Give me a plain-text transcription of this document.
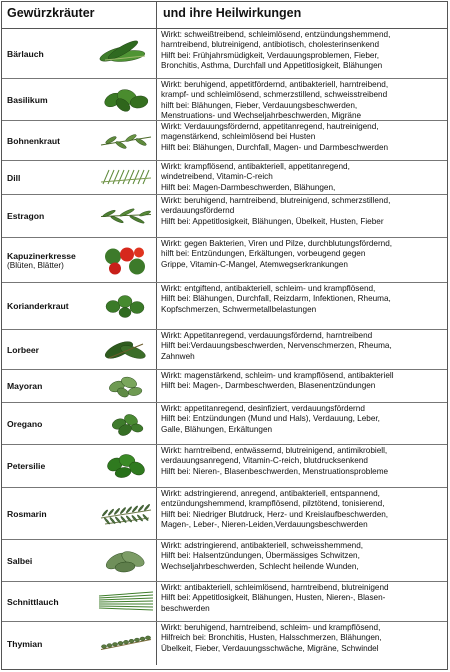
Gewürzkräuter	und ihre Heilwirkungen
Bärlauch
Wirkt: schweißtreibend, schleimlösend, entzündungshemmend,
harntreibend, blutreinigend, antibiotisch, cholesterinsenkend
Hilft bei: Frühjahrsmüdigkeit, Verdauungsproblemen, Fieber,
Bronchitis, Asthma, Durchfall und Appetitlosigkeit, Blähungen
Basilikum
Wirkt: beruhigend, appetitfördernd, antibakteriell, harntreibend,
krampf- und schleimlösend, schmerzstillend, schweisstreibend
hilft bei: Blähungen, Fieber, Verdauungsbeschwerden,
Menstruations- und Wechseljahrbeschwerden, Migräne
Bohnenkraut
Wirkt: Verdauungsfördernd, appetitanregend, hautreinigend,
magenstärkend, schleimlösend bei Husten
Hilft bei: Blähungen, Durchfall, Magen- und Darmbeschwerden
Dill
Wirkt: krampflösend, antibakteriell, appetitanregend,
windetreibend, Vitamin-C-reich
Hilft bei: Magen-Darmbeschwerden, Blähungen,
Estragon
Wirkt: beruhigend, harntreibend, blutreinigend, schmerzstillend,
verdauungsfördernd
Hilft bei: Appetitlosigkeit, Blähungen, Übelkeit, Husten, Fieber
Kapuzinerkresse
(Blüten, Blätter)
Wirkt: gegen Bakterien, Viren und Pilze, durchblutungsfördernd,
hilft bei: Entzündungen, Erkältungen, vorbeugend gegen
Grippe, Vitamin-C-Mangel, Atemwegserkrankungen
Korianderkraut
Wirkt: entgiftend, antibakteriell, schleim- und krampflösend,
Hilft bei: Blähungen, Durchfall, Reizdarm, Infektionen, Rheuma,
Kopfschmerzen, Schwermetallbelastungen
Lorbeer
Wirkt: Appetitanregend, verdauungsfördernd, harntreibend
Hilft bei:Verdauungsbeschwerden, Nervenschmerzen, Rheuma,
Zahnweh
Mayoran
Wirkt: magenstärkend, schleim- und krampflösend, antibakteriell
Hilft bei: Magen-, Darmbeschwerden, Blasenentzündungen
Oregano
Wirkt: appetitanregend, desinfiziert, verdauungsfördernd
Hilft bei: Entzündungen (Mund und Hals), Verdauung, Leber,
Galle, Blähungen, Erkältungen
Petersilie
Wirkt: harntreibend, entwässernd, blutreinigend, antimikrobiell,
verdauungsanregend, Vitamin-C-reich, blutdrucksenkend
Hilft bei: Nieren-, Blasenbeschwerden, Menstruationsprobleme
Rosmarin
Wirkt: adstringierend, anregend, antibakteriell, entspannend,
entzündungshemmend, krampflösend, pilztötend, tonisierend,
Hilft bei: Niedriger Blutdruck, Herz- und Kreislaufbeschwerden,
Magen-, Leber-, Nieren-Leiden,Verdauungsbeschwerden
Salbei
Wirkt: adstringierend, antibakteriell, schweisshemmend,
Hilft bei: Halsentzündungen, Übermässiges Schwitzen,
Wechseljahrbeschwerden, Schlecht heilende Wunden,
Schnittlauch
Wirkt: antibakteriell, schleimlösend, harntreibend, blutreinigend
Hilft bei: Appetitlosigkeit, Blähungen, Husten, Nieren-, Blasen-
beschwerden
Thymian
Wirkt: beruhigend, harntreibend, schleim- und krampflösend,
Hilfreich bei: Bronchitis, Husten, Halsschmerzen, Blähungen,
Übelkeit, Fieber, Verdauungsschwäche, Migräne, Schwindel
